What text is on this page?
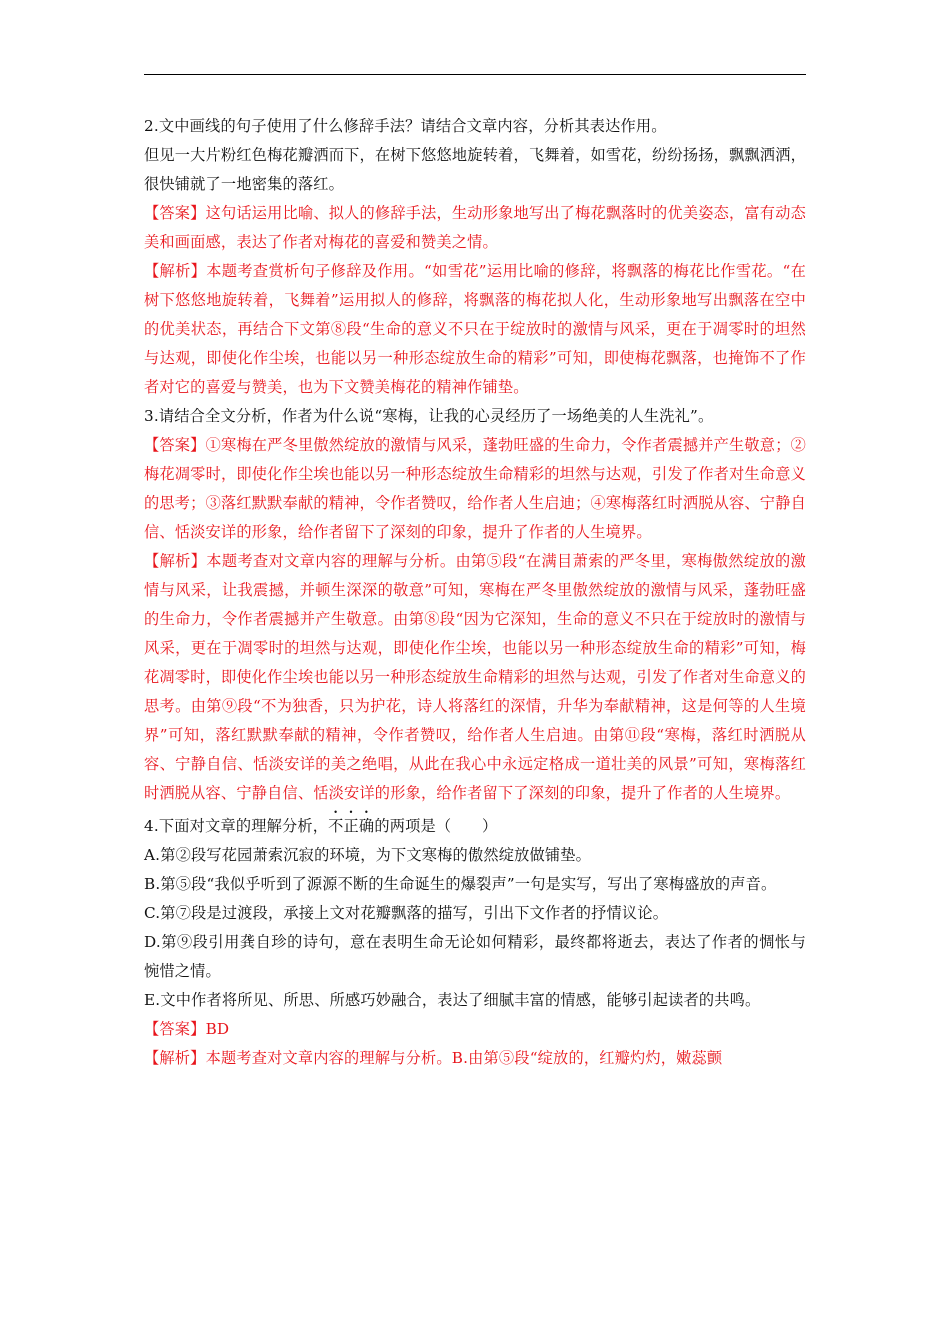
2.文中画线的句子使用了什么修辞手法？请结合文章内容，分析其表达作用。

但见一大片粉红色梅花瓣洒而下，在树下悠悠地旋转着，飞舞着，如雪花，纷纷扬扬，飘飘洒洒，很快铺就了一地密集的落红。

【答案】这句话运用比喻、拟人的修辞手法，生动形象地写出了梅花飘落时的优美姿态，富有动态美和画面感，表达了作者对梅花的喜爱和赞美之情。

【解析】本题考查赏析句子修辞及作用。“如雪花”运用比喻的修辞，将飘落的梅花比作雪花。“在树下悠悠地旋转着，飞舞着”运用拟人的修辞，将飘落的梅花拟人化，生动形象地写出飘落在空中的优美状态，再结合下文第⑧段“生命的意义不只在于绽放时的激情与风采，更在于凋零时的坦然与达观，即使化作尘埃，也能以另一种形态绽放生命的精彩”可知，即使梅花飘落，也掩饰不了作者对它的喜爱与赞美，也为下文赞美梅花的精神作铺垫。

3.请结合全文分析，作者为什么说“寒梅，让我的心灵经历了一场绝美的人生洗礼”。

【答案】①寒梅在严冬里傲然绽放的激情与风采，蓬勃旺盛的生命力，令作者震撼并产生敬意；②梅花凋零时，即使化作尘埃也能以另一种形态绽放生命精彩的坦然与达观，引发了作者对生命意义的思考；③落红默默奉献的精神，令作者赞叹，给作者人生启迪；④寒梅落红时洒脱从容、宁静自信、恬淡安详的形象，给作者留下了深刻的印象，提升了作者的人生境界。

【解析】本题考查对文章内容的理解与分析。由第⑤段“在满目萧索的严冬里，寒梅傲然绽放的激情与风采，让我震撼，并顿生深深的敬意”可知，寒梅在严冬里傲然绽放的激情与风采，蓬勃旺盛的生命力，令作者震撼并产生敬意。由第⑧段“因为它深知，生命的意义不只在于绽放时的激情与风采，更在于凋零时的坦然与达观，即使化作尘埃，也能以另一种形态绽放生命的精彩”可知，梅花凋零时，即使化作尘埃也能以另一种形态绽放生命精彩的坦然与达观，引发了作者对生命意义的思考。由第⑨段“不为独香，只为护花，诗人将落红的深情，升华为奉献精神，这是何等的人生境界”可知，落红默默奉献的精神，令作者赞叹，给作者人生启迪。由第⑪段“寒梅，落红时洒脱从容、宁静自信、恬淡安详的美之绝唱，从此在我心中永远定格成一道壮美的风景”可知，寒梅落红时洒脱从容、宁静自信、恬淡安详的形象，给作者留下了深刻的印象，提升了作者的人生境界。

4.下面对文章的理解分析，不正确的两项是（　　）

A.第②段写花园萧索沉寂的环境，为下文寒梅的傲然绽放做铺垫。

B.第⑤段“我似乎听到了源源不断的生命诞生的爆裂声”一句是实写，写出了寒梅盛放的声音。

C.第⑦段是过渡段，承接上文对花瓣飘落的描写，引出下文作者的抒情议论。

D.第⑨段引用龚自珍的诗句，意在表明生命无论如何精彩，最终都将逝去，表达了作者的惆怅与惋惜之情。

E.文中作者将所见、所思、所感巧妙融合，表达了细腻丰富的情感，能够引起读者的共鸣。

【答案】BD

【解析】本题考查对文章内容的理解与分析。B.由第⑤段“绽放的，红瓣灼灼，嫩蕊颤
